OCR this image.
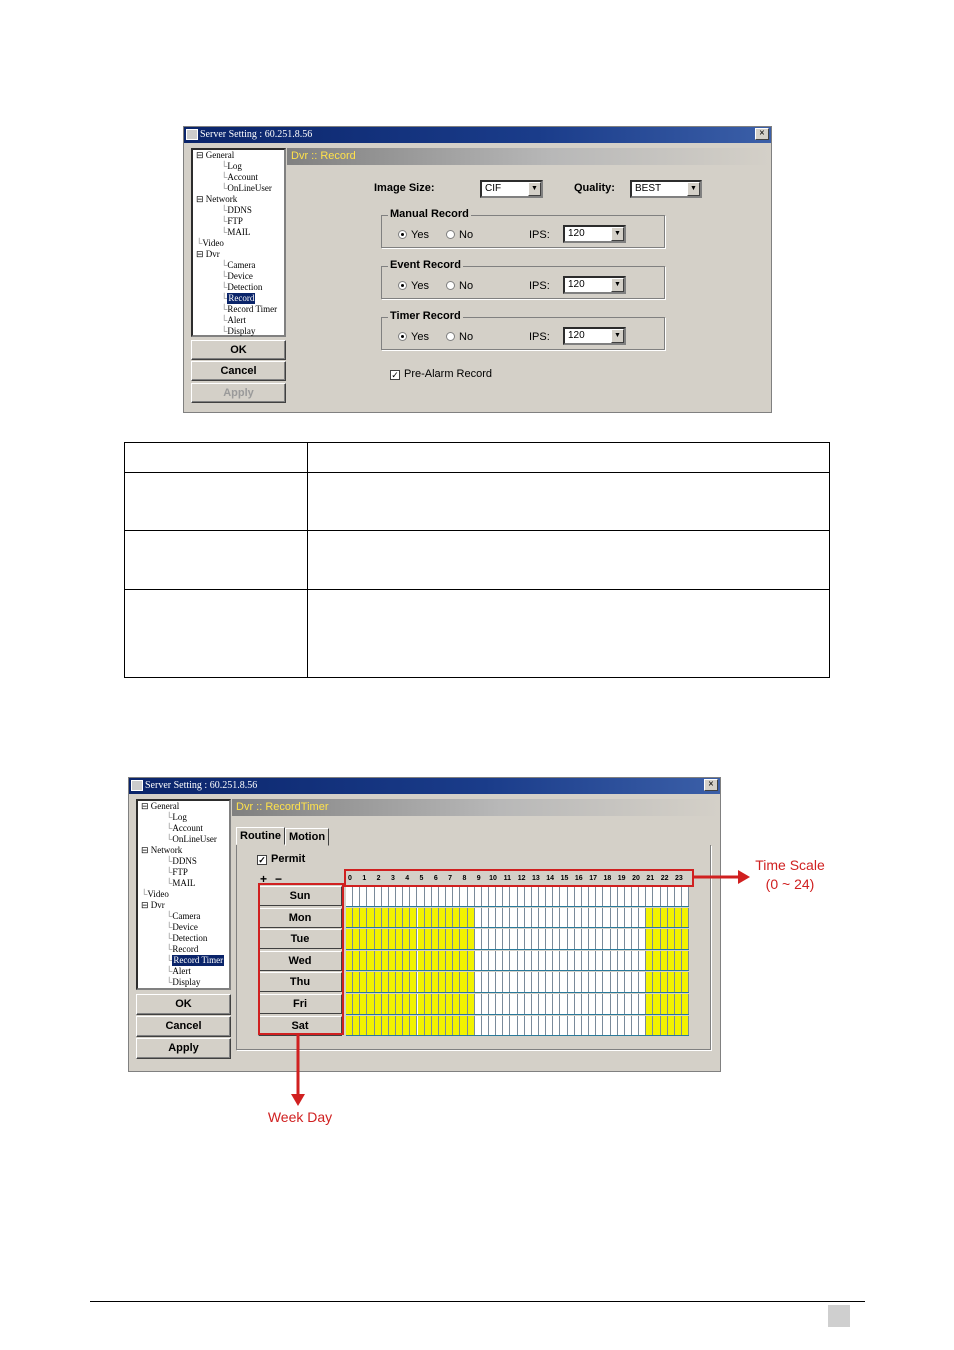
Server Setting : 60.251.8.56	×
⊟ General
└Log
└Account
└OnLineUser
⊟ Network
└DDNS
└FTP
└MAIL
└Video
⊟ Dvr
└Camera
└Device
└Detection
└Record
└Record Timer
└Alert
└Display
OK
Cancel
Apply
Dvr :: Record
Image Size:	CIF	▼	Quality:	BEST	▼
Manual Record
Yes	No	IPS:	120	▼
Event Record
Yes	No	IPS:	120	▼
Timer Record
Yes	No	IPS:	120	▼
✓ Pre-Alarm Record

Server Setting : 60.251.8.56	×
⊟ General
└Log
└Account
└OnLineUser
⊟ Network
└DDNS
└FTP
└MAIL
└Video
⊟ Dvr
└Camera
└Device
└Detection
└Record
└Record Timer
└Alert
└Display
OK
Cancel
Apply
Dvr :: RecordTimer
Routine Motion
✓ Permit
+ −	0	1	2	3	4	5	6	7	8	9	10 11 12 13 14 15 16 17 18 19 20 21 22 23
Sun
Mon
Tue
Wed
Thu
Fri
Sat
Time Scale
(0 ~ 24)
Week Day
